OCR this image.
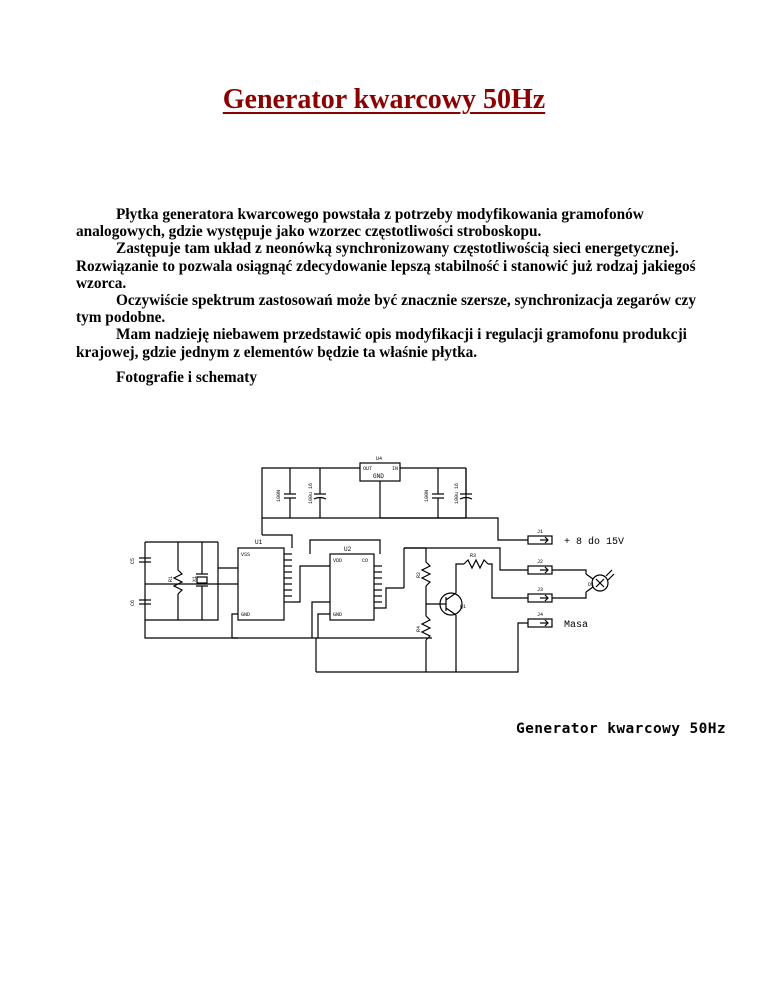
Generator kwarcowy 50Hz

Płytka generatora kwarcowego powstała z potrzeby modyfikowania gramofonów analogowych, gdzie występuje jako wzorzec częstotliwości stroboskopu.

Zastępuje tam układ z neonówką synchronizowany częstotliwością sieci energetycznej. Rozwiązanie to pozwala osiągnąć zdecydowanie lepszą stabilność i stanowić już rodzaj jakiegoś wzorca.

Oczywiście spektrum zastosowań może być znacznie szersze, synchronizacja zegarów czy tym podobne.

Mam nadzieję niebawem przedstawić opis modyfikacji i regulacji gramofonu produkcji krajowej, gdzie jednym z elementów będzie ta właśnie płytka.

Fotografie i schematy

U4
OUT	IN
GND
100N	100u 16	100N	100u 16
C5
C6
R1	X1
U1
VSS
GND
U2
VDD	CO
GND
R2
R4
Q1
R3
J1
+ 8 do 15V
J2
J3
J4
Masa
D1
Generator kwarcowy 50Hz
